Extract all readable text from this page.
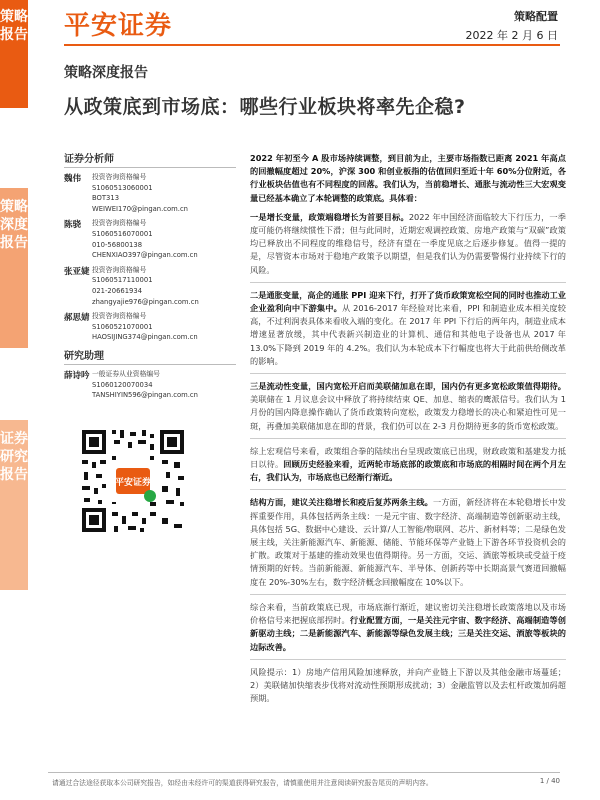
策略报告
策略深度报告
证券研究报告
平安证券	策略配置
2022 年 2 月 6 日
策略深度报告
从政策底到市场底：哪些行业板块将率先企稳?
证券分析师
魏伟	投资咨询资格编号
S1060513060001
BOT313
WEIWEI170@pingan.com.cn
陈骁	投资咨询资格编号
S1060516070001
010-56800138
CHENXIAO397@pingan.com.cn
张亚婕 投资咨询资格编号
S1060517110001
021-20661934
zhangyajie976@pingan.com.cn
郝思婧 投资咨询资格编号
S1060521070001
HAOSIJING374@pingan.com.cn
研究助理
薛诗吟 一般证券从业资格编号
S1060120070034
TANSHIYIN596@pingan.com.cn
平安证券

2022 年初至今 A 股市场持续调整，到目前为止，主要市场指数已距离 2021 年高点的回撤幅度超过 20%，沪深 300 和创业板指的估值回归至近十年 60%分位附近，各行业板块估值也有不同程度的回落。我们认为，当前稳增长、通胀与流动性三大宏观变量已经基本确立了本轮调整的政策底。具体看：

一是增长变量，政策端稳增长为首要目标。2022 年中国经济面临较大下行压力，一季度可能仍将继续惯性下滑；但与此同时，近期宏观调控政策、房地产政策与“双碳”政策均已释放出不同程度的维稳信号，经济有望在一季度见底之后逐步修复。值得一提的是，尽管资本市场对于稳地产政策予以期望，但是我们认为仍需要警惕行业持续下行的风险。

二是通胀变量，高企的通胀 PPI 迎来下行，打开了货币政策宽松空间的同时也推动工业企业盈利向中下游集中。从 2016-2017 年经验对比来看，PPI 和制造业成本相关度较高，不过利润表具体来看收入端的变化。在 2017 年 PPI 下行后的两年内，制造业成本增速显著放缓，其中代表新兴制造业的计算机、通信和其他电子设备也从 2017 年 13.0%下降到 2019 年的 4.2%。我们认为本轮成本下行幅度也将大于此前供给侧改革的影响。

三是流动性变量，国内宽松开启而美联储加息在即，国内仍有更多宽松政策值得期待。美联储在 1 月议息会议中释放了将持续结束 QE、加息、缩表的鹰派信号。我们认为 1 月份的国内降息操作确认了货币政策转向宽松，政策发力稳增长的决心和紧迫性可见一斑，再叠加美联储加息在即的背景，我们仍可以在 2-3 月份期待更多的货币宽松政策。

综上宏观信号来看，政策组合拳的陆续出台呈现政策底已出现，财政政策和基建发力抵日以待。回顾历史经验来看，近两轮市场底部的政策底和市场底的相隔时间在两个月左右，我们认为，市场底也已经渐行渐近。

结构方面，建议关注稳增长和疫后复苏两条主线。一方面，新经济将在本轮稳增长中发挥重要作用，具体包括两条主线：一是元宇宙、数字经济、高端制造等创新驱动主线，具体包括 5G、数据中心建设、云计算/人工智能/物联网、芯片、新材料等；二是绿色发展主线，关注新能源汽车、新能源、储能、节能环保等产业链上下游各环节投资机会的扩散。政策对于基建的推动效果也值得期待。另一方面，交运、酒旅等板块或受益于疫情预期的好转。当前新能源、新能源汽车、半导体、创新药等中长期高景气赛道回撤幅度在 20%-30%左右，数字经济概念回撤幅度在 10%以下。

综合来看，当前政策底已现，市场底渐行渐近，建议密切关注稳增长政策落地以及市场价格信号来把握底部拐时。行业配置方面，一是关注元宇宙、数字经济、高端制造等创新驱动主线；二是新能源汽车、新能源等绿色发展主线；三是关注交运、酒旅等板块的边际改善。

风险提示：1）房地产信用风险加速释放，并向产业链上下游以及其他金融市场蔓延；2）美联储加快缩表步伐将对流动性预期形成扰动；3）金融监管以及去杠杆政策加码超预期。

请通过合法途径获取本公司研究报告，如经由未经许可的渠道获得研究报告，请慎重使用并注意阅读研究报告尾页的声明内容。	1 / 40
